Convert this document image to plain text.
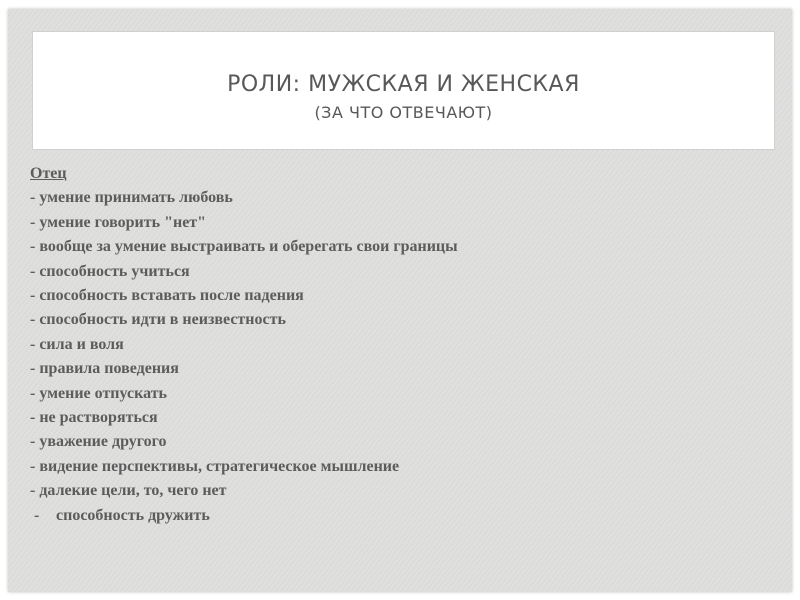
РОЛИ: МУЖСКАЯ И ЖЕНСКАЯ
(ЗА ЧТО ОТВЕЧАЮТ)
Отец
- умение принимать любовь
- умение говорить "нет"
- вообще за умение выстраивать и оберегать свои границы
- способность учиться
- способность вставать после падения
- способность идти в неизвестность
- сила и воля
- правила поведения
- умение отпускать
- не растворяться
- уважение другого
- видение перспективы, стратегическое мышление
- далекие цели, то, чего нет
- способность дружить
